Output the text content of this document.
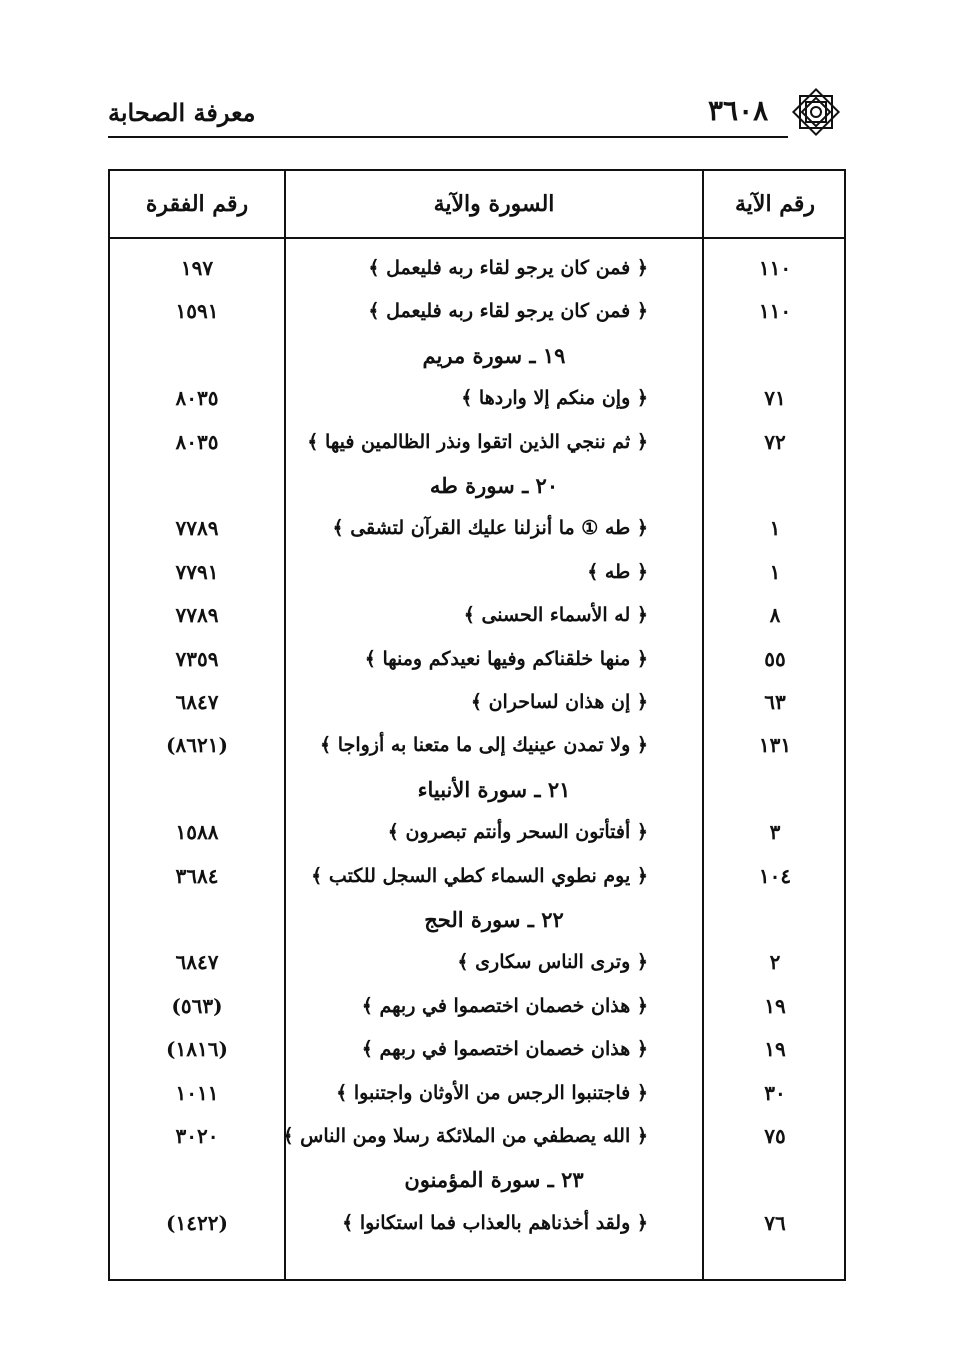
معرفة الصحابة	٣٦٠٨
رقم الآية
السورة والآية
رقم الفقرة
١١٠
﴿ فمن كان يرجو لقاء ربه فليعمل ﴾
١٩٧
١١٠
﴿ فمن كان يرجو لقاء ربه فليعمل ﴾
١٥٩١
١٩ ـ سورة مريم
٧١
﴿ وإن منكم إلا واردها ﴾
٨٠٣٥
٧٢
﴿ ثم ننجي الذين اتقوا ونذر الظالمين فيها ﴾
٨٠٣٥
٢٠ ـ سورة طه
١
﴿ طه ① ما أنزلنا عليك القرآن لتشقى ﴾
٧٧٨٩
١
﴿ طه ﴾
٧٧٩١
٨
﴿ له الأسماء الحسنى ﴾
٧٧٨٩
٥٥
﴿ منها خلقناكم وفيها نعيدكم ومنها ﴾
٧٣٥٩
٦٣
﴿ إن هذان لساحران ﴾
٦٨٤٧
١٣١
﴿ ولا تمدن عينيك إلى ما متعنا به أزواجا ﴾
(٨٦٢١)
٢١ ـ سورة الأنبياء
٣
﴿ أفتأتون السحر وأنتم تبصرون ﴾
١٥٨٨
١٠٤
﴿ يوم نطوي السماء كطي السجل للكتب ﴾
٣٦٨٤
٢٢ ـ سورة الحج
٢
﴿ وترى الناس سكارى ﴾
٦٨٤٧
١٩
﴿ هذان خصمان اختصموا في ربهم ﴾
(٥٦٣)
١٩
﴿ هذان خصمان اختصموا في ربهم ﴾
(١٨١٦)
٣٠
﴿ فاجتنبوا الرجس من الأوثان واجتنبوا ﴾
١٠١١
٧٥
﴿ الله يصطفي من الملائكة رسلا ومن الناس ﴾
٣٠٢٠
٢٣ ـ سورة المؤمنون
٧٦
﴿ ولقد أخذناهم بالعذاب فما استكانوا ﴾
(١٤٢٢)
